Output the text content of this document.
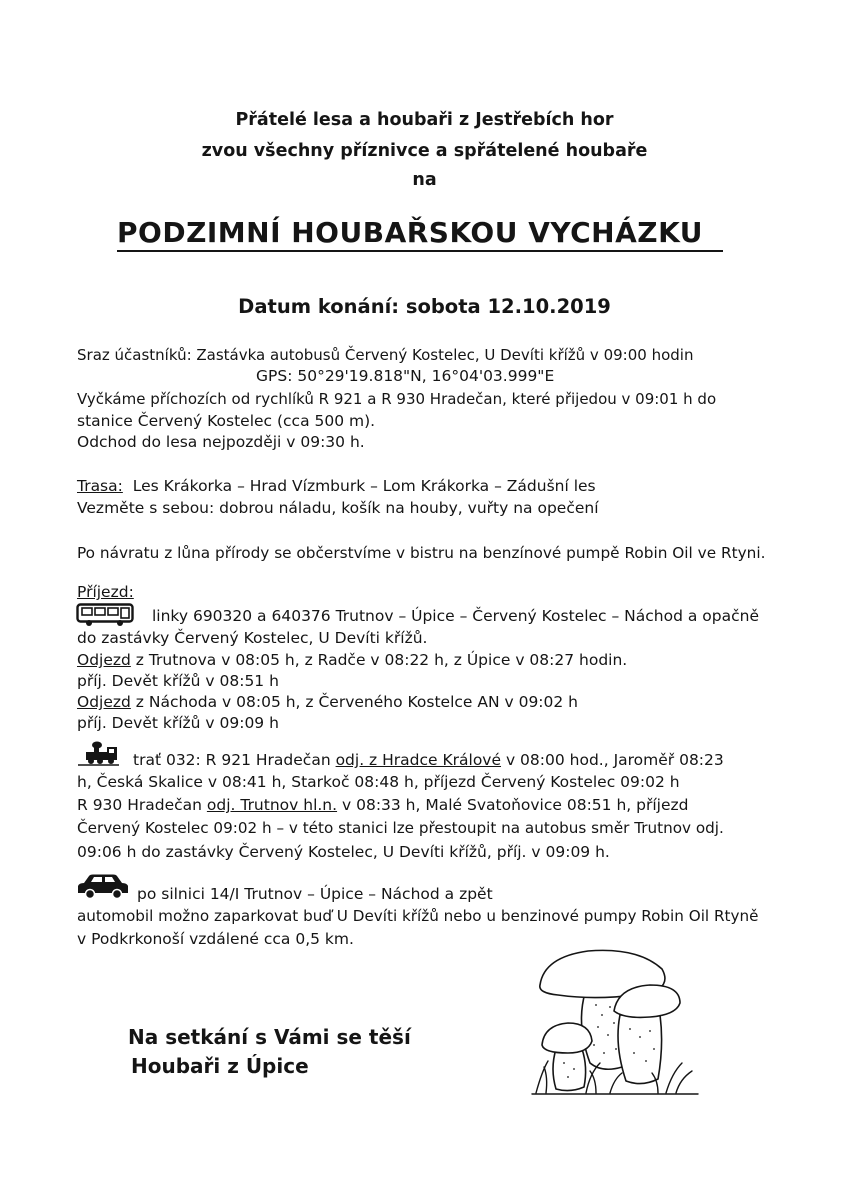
Přátelé lesa a houbaři z Jestřebích hor
zvou všechny příznivce a spřátelené houbaře
na
PODZIMNÍ HOUBAŘSKOU VYCHÁZKU
Datum konání: sobota 12.10.2019
Sraz účastníků: Zastávka autobusů Červený Kostelec, U Devíti křížů v 09:00 hodin
GPS: 50°29'19.818"N, 16°04'03.999"E
Vyčkáme příchozích od rychlíků R 921 a R 930 Hradečan, které přijedou v 09:01 h do
stanice Červený Kostelec (cca 500 m).
Odchod do lesa nejpozději v 09:30 h.
Trasa: Les Krákorka – Hrad Vízmburk – Lom Krákorka – Zádušní les
Vezměte s sebou: dobrou náladu, košík na houby, vuřty na opečení
Po návratu z lůna přírody se občerstvíme v bistru na benzínové pumpě Robin Oil ve Rtyni.
Příjezd:
linky 690320 a 640376 Trutnov – Úpice – Červený Kostelec – Náchod a opačně
do zastávky Červený Kostelec, U Devíti křížů.
Odjezd z Trutnova v 08:05 h, z Radče v 08:22 h, z Úpice v 08:27 hodin.
příj. Devět křížů v 08:51 h
Odjezd z Náchoda v 08:05 h, z Červeného Kostelce AN v 09:02 h
příj. Devět křížů v 09:09 h
trať 032: R 921 Hradečan odj. z Hradce Králové v 08:00 hod., Jaroměř 08:23
h, Česká Skalice v 08:41 h, Starkoč 08:48 h, příjezd Červený Kostelec 09:02 h
R 930 Hradečan odj. Trutnov hl.n. v 08:33 h, Malé Svatoňovice 08:51 h, příjezd
Červený Kostelec 09:02 h – v této stanici lze přestoupit na autobus směr Trutnov odj.
09:06 h do zastávky Červený Kostelec, U Devíti křížů, příj. v 09:09 h.
po silnici 14/I Trutnov – Úpice – Náchod a zpět
automobil možno zaparkovat buď U Devíti křížů nebo u benzinové pumpy Robin Oil Rtyně
v Podkrkonoší vzdálené cca 0,5 km.
Na setkání s Vámi se těší
Houbaři z Úpice
